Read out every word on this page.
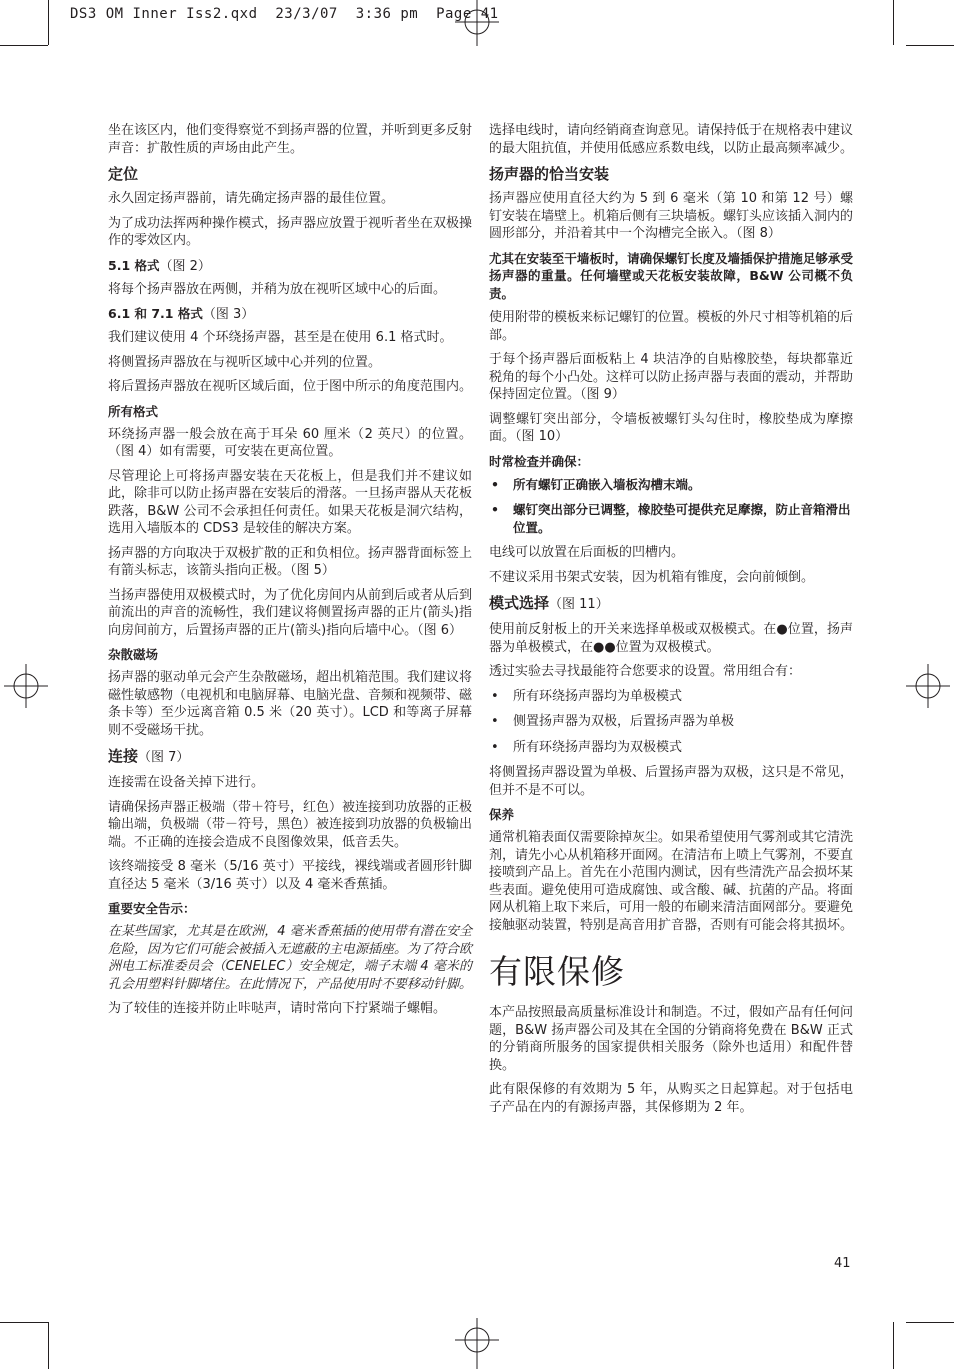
DS3 OM Inner Iss2.qxd  23/3/07  3:36 pm  Page 41

坐在该区内，他们变得察觉不到扬声器的位置，并听到更多反射声音：扩散性质的声场由此产生。

定位

永久固定扬声器前，请先确定扬声器的最佳位置。

为了成功法挥两种操作模式，扬声器应放置于视听者坐在双极操作的零效区内。

5.1 格式（图 2）

将每个扬声器放在两侧，并稍为放在视听区域中心的后面。

6.1 和 7.1 格式（图 3）

我们建议使用 4 个环绕扬声器，甚至是在使用 6.1 格式时。

将侧置扬声器放在与视听区域中心并列的位置。

将后置扬声器放在视听区域后面，位于图中所示的角度范围内。

所有格式

环绕扬声器一般会放在高于耳朵 60 厘米（2 英尺）的位置。（图 4）如有需要，可安装在更高位置。

尽管理论上可将扬声器安装在天花板上，但是我们并不建议如此，除非可以防止扬声器在安装后的滑落。一旦扬声器从天花板跌落，B&W 公司不会承担任何责任。如果天花板是洞穴结构，选用入墙版本的 CDS3 是较佳的解决方案。

扬声器的方向取决于双极扩散的正和负相位。扬声器背面标签上有箭头标志，该箭头指向正极。（图 5）

当扬声器使用双极模式时，为了优化房间内从前到后或者从后到前流出的声音的流畅性，我们建议将侧置扬声器的正片(箭头)指向房间前方，后置扬声器的正片(箭头)指向后墙中心。（图 6）

杂散磁场

扬声器的驱动单元会产生杂散磁场，超出机箱范围。我们建议将磁性敏感物（电视机和电脑屏幕、电脑光盘、音频和视频带、磁条卡等）至少远离音箱 0.5 米（20 英寸）。LCD 和等离子屏幕则不受磁场干扰。

连接（图 7）

连接需在设备关掉下进行。

请确保扬声器正极端（带＋符号，红色）被连接到功放器的正极输出端，负极端（带－符号，黑色）被连接到功放器的负极输出端。不正确的连接会造成不良图像效果，低音丢失。

该终端接受 8 毫米（5/16 英寸）平接线，裸线端或者圆形针脚直径达 5 毫米（3/16 英寸）以及 4 毫米香蕉插。

重要安全告示：

在某些国家，尤其是在欧洲，4 毫米香蕉插的使用带有潜在安全危险，因为它们可能会被插入无遮蔽的主电源插座。为了符合欧洲电工标准委员会（CENELEC）安全规定，端子末端 4 毫米的孔会用塑料针脚堵住。在此情况下，产品使用时不要移动针脚。

为了较佳的连接并防止咔哒声，请时常向下拧紧端子螺帽。

选择电线时，请向经销商查询意见。请保持低于在规格表中建议的最大阻抗值，并使用低感应系数电线，以防止最高频率减少。

扬声器的恰当安装

扬声器应使用直径大约为 5 到 6 毫米（第 10 和第 12 号）螺钉安装在墙壁上。机箱后侧有三块墙板。螺钉头应该插入洞内的圆形部分，并沿着其中一个沟槽完全嵌入。（图 8）

尤其在安装至干墙板时，请确保螺钉长度及墙插保护措施足够承受扬声器的重量。任何墙壁或天花板安装故障，B&W 公司概不负责。

使用附带的模板来标记螺钉的位置。模板的外尺寸相等机箱的后部。

于每个扬声器后面板粘上 4 块洁净的自贴橡胶垫，每块都靠近税角的每个小凸处。这样可以防止扬声器与表面的震动，并帮助保持固定位置。（图 9）

调整螺钉突出部分，令墙板被螺钉头勾住时，橡胶垫成为摩擦面。（图 10）

时常检查并确保：
• 所有螺钉正确嵌入墙板沟槽末端。
• 螺钉突出部分已调整，橡胶垫可提供充足摩擦，防止音箱滑出位置。

电线可以放置在后面板的凹槽内。

不建议采用书架式安装，因为机箱有锥度，会向前倾倒。

模式选择（图 11）

使用前反射板上的开关来选择单极或双极模式。在●位置，扬声器为单极模式，在●●位置为双极模式。

透过实验去寻找最能符合您要求的设置。常用组合有：

• 所有环绕扬声器均为单极模式
• 侧置扬声器为双极，后置扬声器为单极
• 所有环绕扬声器均为双极模式

将侧置扬声器设置为单极、后置扬声器为双极，这只是不常见，但并不是不可以。

保养

通常机箱表面仅需要除掉灰尘。如果希望使用气雾剂或其它清洗剂，请先小心从机箱移开面网。在清洁布上喷上气雾剂，不要直接喷到产品上。首先在小范围内测试，因有些清洗产品会损坏某些表面。避免使用可造成腐蚀、或含酸、碱、抗菌的产品。将面网从机箱上取下来后，可用一般的布刷来清洁面网部分。要避免接触驱动装置，特别是高音用扩音器，否则有可能会将其损坏。

有限保修

本产品按照最高质量标准设计和制造。不过，假如产品有任何问题，B&W 扬声器公司及其在全国的分销商将免费在 B&W 正式的分销商所服务的国家提供相关服务（除外也适用）和配件替换。

此有限保修的有效期为 5 年，从购买之日起算起。对于包括电子产品在内的有源扬声器，其保修期为 2 年。

41
